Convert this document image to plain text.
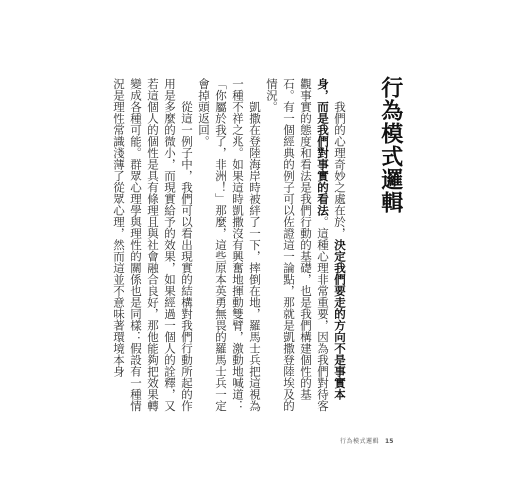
行為模式邏輯

我們的心理奇妙之處在於，決定我們要走的方向不是事實本身，而是我們對事實的看法。這種心理非常重要，因為我們對待客觀事實的態度和看法是我們行動的基礎，也是我們構建個性的基石。有一個經典的例子可以佐證這一論點，那就是凱撒登陸埃及的情況。

凱撒在登陸海岸時被絆了一下，摔倒在地，羅馬士兵把這視為一種不祥之兆。如果這時凱撒沒有興奮地揮動雙臂，激動地喊道：「你屬於我了，非洲！」那麼，這些原本英勇無畏的羅馬士兵一定會掉頭返回。

從這一例子中，我們可以看出現實的結構對我們行動所起的作用是多麼的微小，而現實給予的效果，如果經過一個人的詮釋，又若這個人的個性是具有條理且與社會融合良好，那他能夠把效果轉變成各種可能。群眾心理學與理性的關係也是同樣：假設有一種情況是理性常識淺薄了從眾心理，然而這並不意味著環境本身

行為模式邏輯 15
